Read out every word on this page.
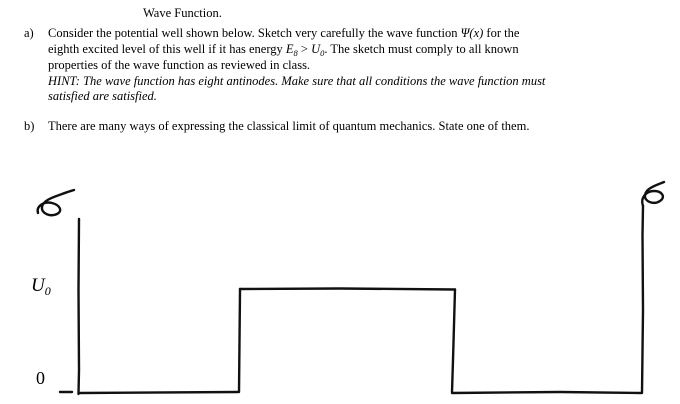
Wave Function.
a)	Consider the potential well shown below. Sketch very carefully the wave function Ψ(x) for the eighth excited level of this well if it has energy $E_8 > U_0$. The sketch must comply to all known properties of the wave function as reviewed in class.
HINT: The wave function has eight antinodes. Make sure that all conditions the wave function must satisfied are satisfied.
b)	There are many ways of expressing the classical limit of quantum mechanics. State one of them.
$U_0$
0
